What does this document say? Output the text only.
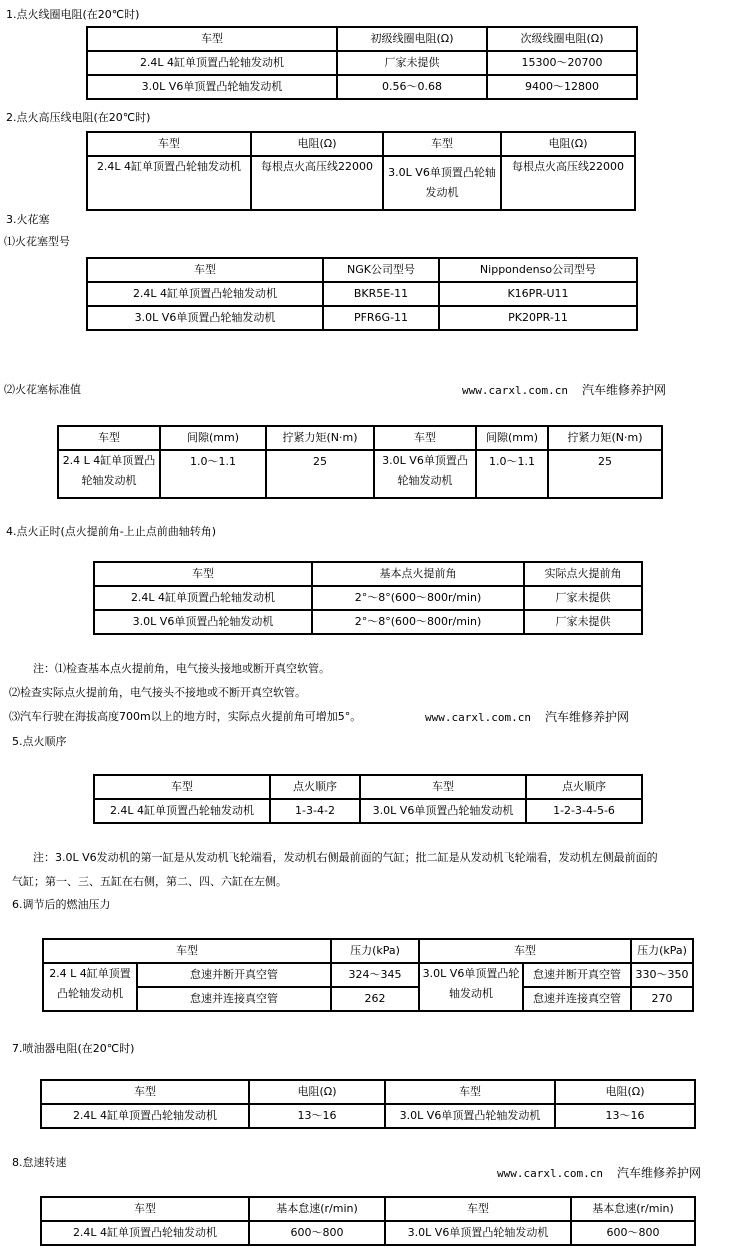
1.点火线圈电阻(在20℃时)
车型	初级线圈电阻(Ω)	次级线圈电阻(Ω)
2.4L 4缸单顶置凸轮轴发动机	厂家未提供	15300～20700
3.0L V6单顶置凸轮轴发动机	0.56～0.68	9400～12800
2.点火高压线电阻(在20℃时)
车型	电阻(Ω)	车型	电阻(Ω)
2.4L 4缸单顶置凸轮轴发动机	每根点火高压线22000	3.0L V6单顶置凸轮轴发动机	每根点火高压线22000
3.火花塞
⑴火花塞型号
车型	NGK公司型号	Nippondenso公司型号
2.4L 4缸单顶置凸轮轴发动机	BKR5E-11	K16PR-U11
3.0L V6单顶置凸轮轴发动机	PFR6G-11	PK20PR-11
⑵火花塞标准值	www.carxl.com.cn 汽车维修养护网
车型	间隙(mm)	拧紧力矩(N·m)	车型	间隙(mm)	拧紧力矩(N·m)
2.4 L 4缸单顶置凸轮轴发动机	1.0～1.1	25	3.0L V6单顶置凸轮轴发动机	1.0～1.1	25
4.点火正时(点火提前角-上止点前曲轴转角)
车型	基本点火提前角	实际点火提前角
2.4L 4缸单顶置凸轮轴发动机	2°～8°(600～800r/min)	厂家未提供
3.0L V6单顶置凸轮轴发动机	2°～8°(600～800r/min)	厂家未提供
注：⑴检查基本点火提前角，电气接头接地或断开真空软管。
⑵检查实际点火提前角，电气接头不接地或不断开真空软管。
⑶汽车行驶在海拔高度700m以上的地方时，实际点火提前角可增加5°。	www.carxl.com.cn 汽车维修养护网
5.点火顺序
车型	点火顺序	车型	点火顺序
2.4L 4缸单顶置凸轮轴发动机	1-3-4-2	3.0L V6单顶置凸轮轴发动机	1-2-3-4-5-6
注：3.0L V6发动机的第一缸是从发动机飞轮端看，发动机右侧最前面的气缸；批二缸是从发动机飞轮端看，发动机左侧最前面的
气缸；第一、三、五缸在右侧，第二、四、六缸在左侧。
6.调节后的燃油压力
车型		压力(kPa)	车型		压力(kPa)
2.4 L 4缸单顶置凸轮轴发动机	怠速并断开真空管	324～345	3.0L V6单顶置凸轮轴发动机	怠速并断开真空管	330～350
	怠速并连接真空管	262		怠速并连接真空管	270
7.喷油器电阻(在20℃时)
车型	电阻(Ω)	车型	电阻(Ω)
2.4L 4缸单顶置凸轮轴发动机	13～16	3.0L V6单顶置凸轮轴发动机	13～16
8.怠速转速
www.carxl.com.cn 汽车维修养护网
车型	基本怠速(r/min)	车型	基本怠速(r/min)
2.4L 4缸单顶置凸轮轴发动机	600～800	3.0L V6单顶置凸轮轴发动机	600～800
